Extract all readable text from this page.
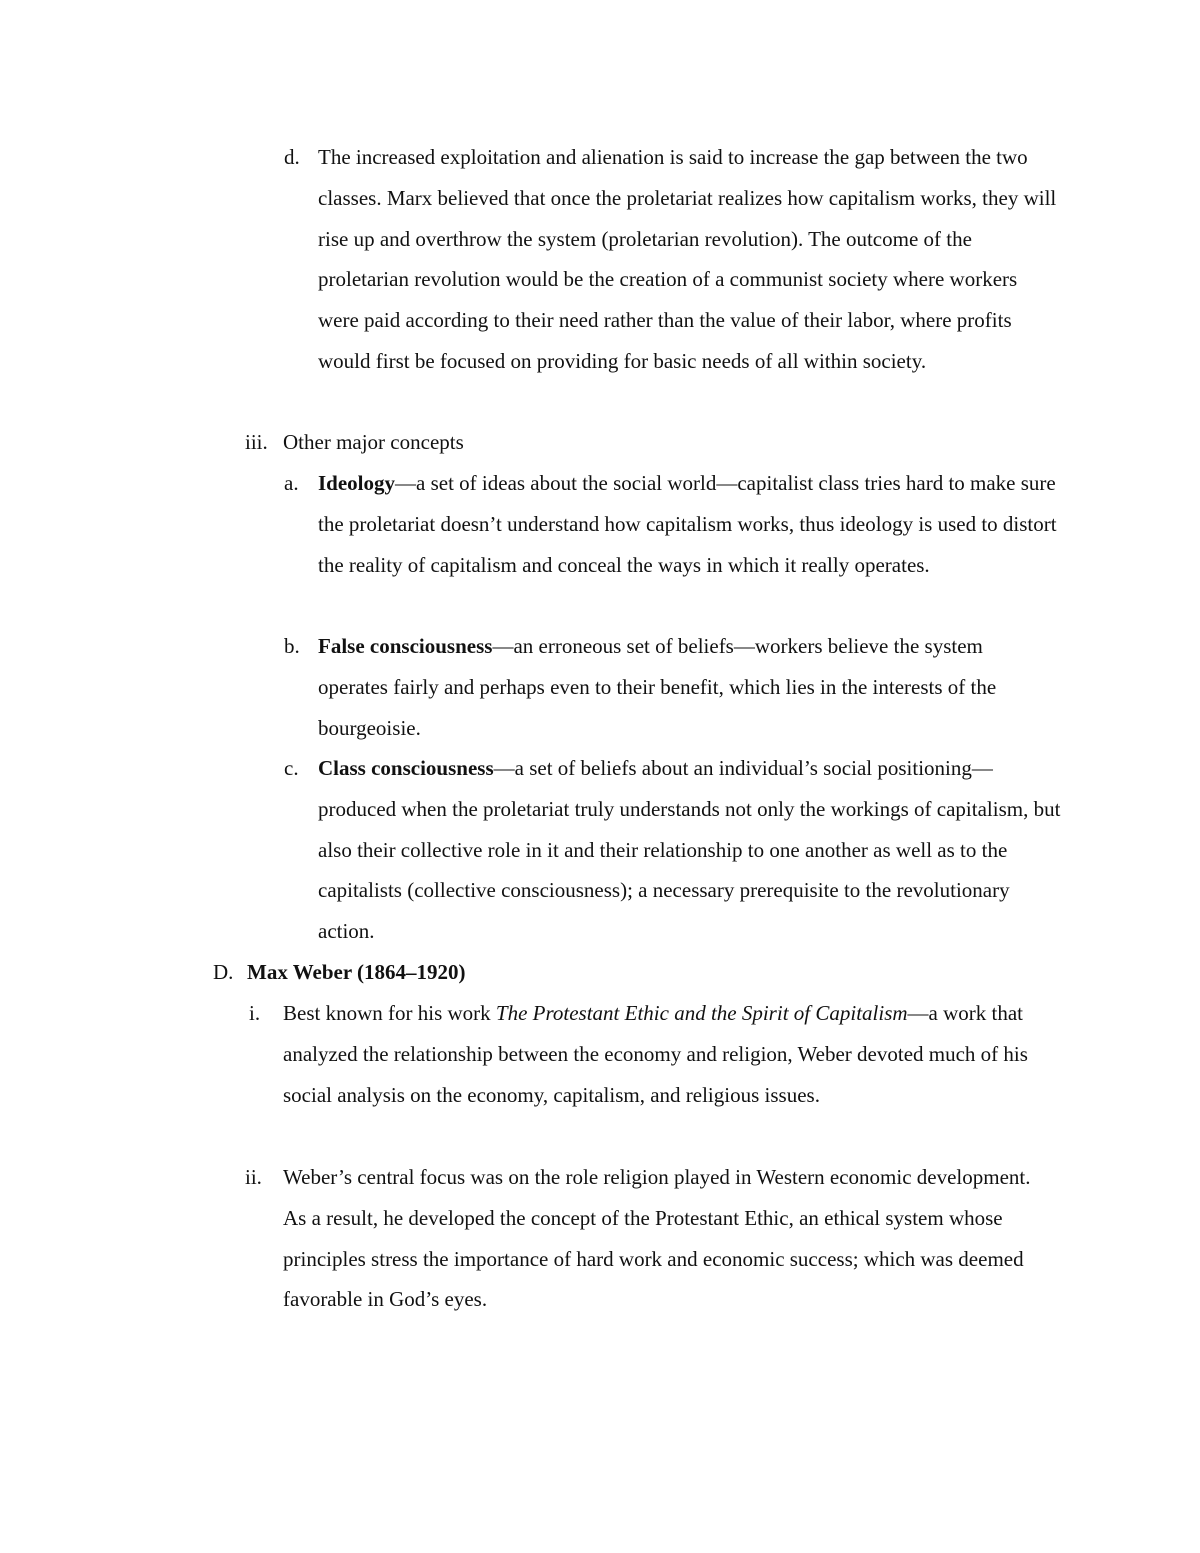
d. The increased exploitation and alienation is said to increase the gap between the two classes. Marx believed that once the proletariat realizes how capitalism works, they will rise up and overthrow the system (proletarian revolution). The outcome of the proletarian revolution would be the creation of a communist society where workers were paid according to their need rather than the value of their labor, where profits would first be focused on providing for basic needs of all within society.

iii. Other major concepts

a. Ideology—a set of ideas about the social world—capitalist class tries hard to make sure the proletariat doesn’t understand how capitalism works, thus ideology is used to distort the reality of capitalism and conceal the ways in which it really operates.

b. False consciousness—an erroneous set of beliefs—workers believe the system operates fairly and perhaps even to their benefit, which lies in the interests of the bourgeoisie.

c. Class consciousness—a set of beliefs about an individual’s social positioning—produced when the proletariat truly understands not only the workings of capitalism, but also their collective role in it and their relationship to one another as well as to the capitalists (collective consciousness); a necessary prerequisite to the revolutionary action.

D. Max Weber (1864–1920)

i. Best known for his work The Protestant Ethic and the Spirit of Capitalism—a work that analyzed the relationship between the economy and religion, Weber devoted much of his social analysis on the economy, capitalism, and religious issues.

ii. Weber’s central focus was on the role religion played in Western economic development. As a result, he developed the concept of the Protestant Ethic, an ethical system whose principles stress the importance of hard work and economic success; which was deemed favorable in God’s eyes.
